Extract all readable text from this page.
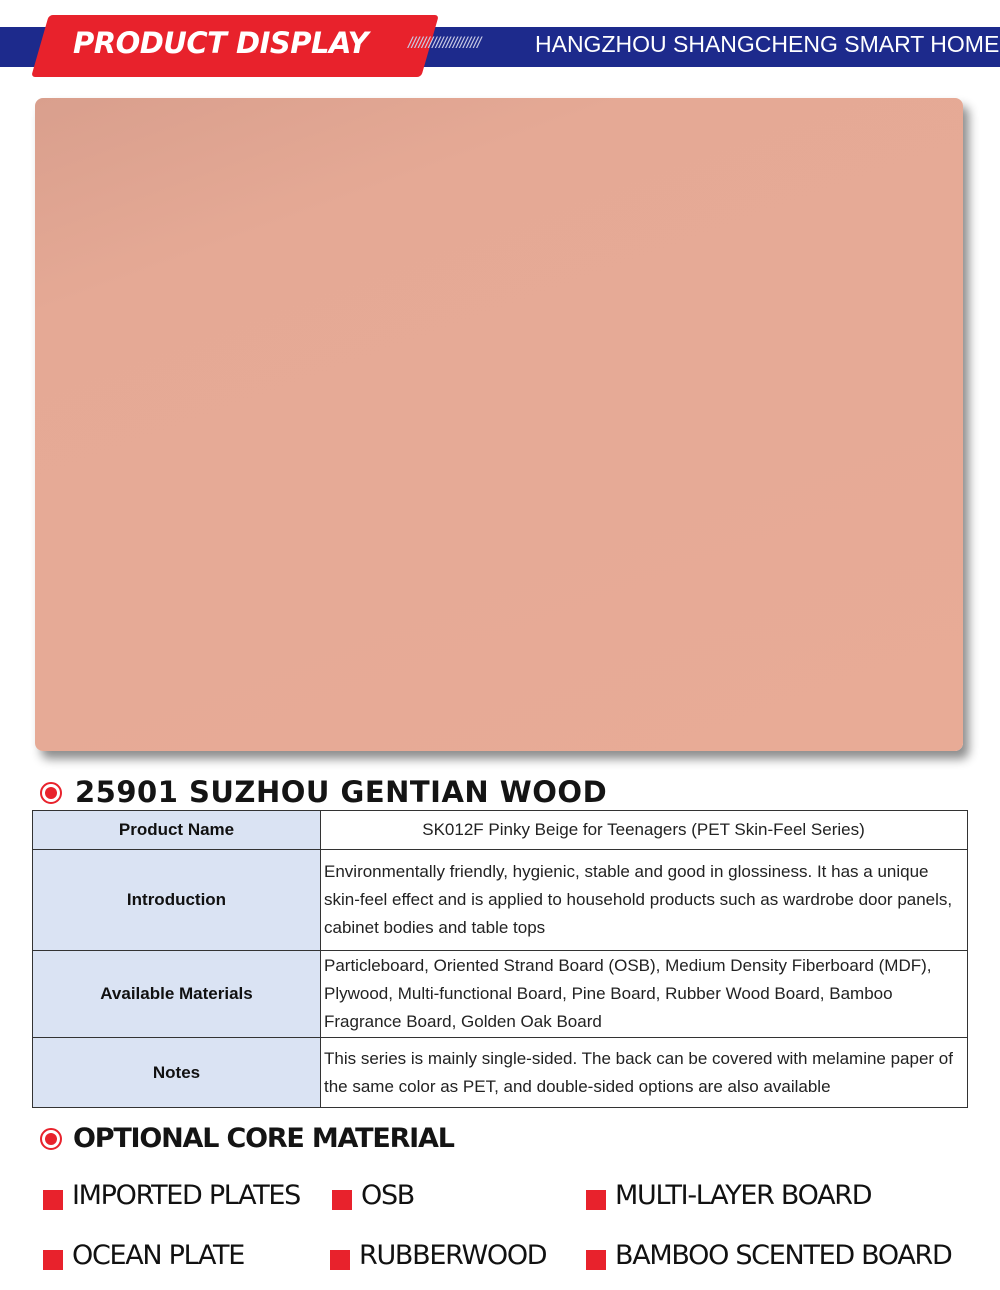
PRODUCT DISPLAY ///////////////////// HANGZHOU SHANGCHENG SMART HOME
25901 SUZHOU GENTIAN WOOD
Product Name	SK012F Pinky Beige for Teenagers (PET Skin-Feel Series)
Introduction	Environmentally friendly, hygienic, stable and good in glossiness. It has a unique skin-feel effect and is applied to household products such as wardrobe door panels, cabinet bodies and table tops
Available Materials	Particleboard, Oriented Strand Board (OSB), Medium Density Fiberboard (MDF), Plywood, Multi-functional Board, Pine Board, Rubber Wood Board, Bamboo Fragrance Board, Golden Oak Board
Notes	This series is mainly single-sided. The back can be covered with melamine paper of the same color as PET, and double-sided options are also available
OPTIONAL CORE MATERIAL
IMPORTED PLATES OSB	MULTI-LAYER BOARD
OCEAN PLATE	RUBBERWOOD	BAMBOO SCENTED BOARD
